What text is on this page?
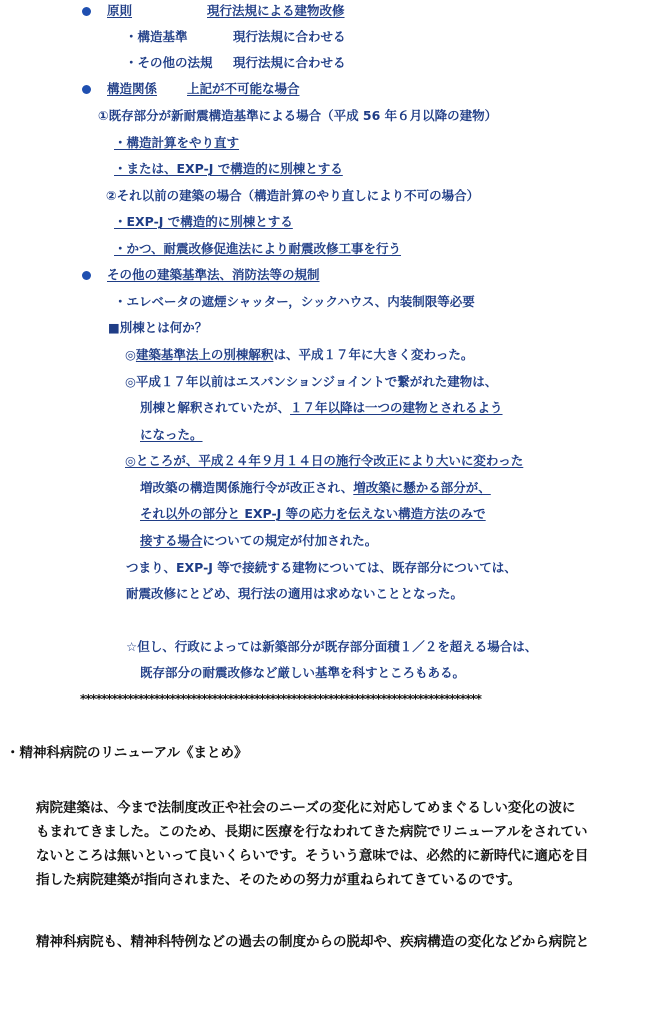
原則	現行法規による建物改修
・構造基準	現行法規に合わせる
・その他の法規 現行法規に合わせる
構造関係 上記が不可能な場合
①既存部分が新耐震構造基準による場合（平成 56 年６月以降の建物）
・構造計算をやり直す
・または、EXP-J で構造的に別棟とする
②それ以前の建築の場合（構造計算のやり直しにより不可の場合）
・EXP-J で構造的に別棟とする
・かつ、耐震改修促進法により耐震改修工事を行う
その他の建築基準法、消防法等の規制
・エレベータの遮煙シャッター，シックハウス、内装制限等必要
■別棟とは何か？
◎建築基準法上の別棟解釈は、平成１７年に大きく変わった。
◎平成１７年以前はエスパンションジョイントで繋がれた建物は、
別棟と解釈されていたが、１７年以降は一つの建物とされるよう
になった。
◎ところが、平成２４年９月１４日の施行令改正により大いに変わった
増改築の構造関係施行令が改正され、増改築に懸かる部分が、
それ以外の部分と EXP-J 等の応力を伝えない構造方法のみで
接する場合についての規定が付加された。
つまり、EXP-J 等で接続する建物については、既存部分については、
耐震改修にとどめ、現行法の適用は求めないこととなった。
☆但し、行政によっては新築部分が既存部分面積１／２を超える場合は、
既存部分の耐震改修など厳しい基準を科すところもある。
****************************************************************************
・精神科病院のリニューアル《まとめ》
病院建築は、今まで法制度改正や社会のニーズの変化に対応してめまぐるしい変化の波に
もまれてきました。このため、長期に医療を行なわれてきた病院でリニューアルをされてい
ないところは無いといって良いくらいです。そういう意味では、必然的に新時代に適応を目
指した病院建築が指向されまた、そのための努力が重ねられてきているのです。
精神科病院も、精神科特例などの過去の制度からの脱却や、疾病構造の変化などから病院と
